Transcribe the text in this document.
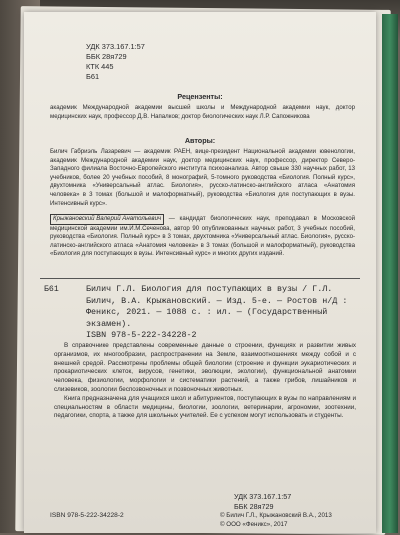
УДК 373.167.1:57
ББК 28я729
КТК 445
Б61
Рецензенты:
академик Международной академии высшей школы и Международной академии наук, доктор медицинских наук, профессор Д.В. Напалков; доктор биологических наук Л.Р. Сапожникова
Авторы:
Билич Габриэль Лазаревич — академик РАЕН, вице-президент Национальной академии ювенологии, академик Международной академии наук, доктор медицинских наук, профессор, директор Северо-Западного филиала Восточно-Европейского института психоанализа. Автор свыше 330 научных работ, 13 учебников, более 20 учебных пособий, 8 монографий, 5-томного руководства «Биология. Полный курс», двухтомника «Универсальный атлас. Биология», русско-латинско-английского атласа «Анатомия человека» в 3 томах (большой и малоформатный), руководства «Биология для поступающих в вузы. Интенсивный курс».
Крыжановский Валерий Анатольевич — кандидат биологических наук, преподавал в Московской медицинской академии им.И.М.Сеченова, автор 90 опубликованных научных работ, 3 учебных пособий, руководства «Биология. Полный курс» в 3 томах, двухтомника «Универсальный атлас. Биология», русско-латинско-английского атласа «Анатомия человека» в 3 томах (большой и малоформатный), руководства «Биология для поступающих в вузы. Интенсивный курс» и многих других изданий.
Б61	Билич Г.Л. Биология для поступающих в вузы / Г.Л. Билич, В.А. Крыжановский. — Изд. 5-е. — Ростов н/Д : Феникс, 2021. — 1088 с. : ил. — (Государственный экзамен).
ISBN 978-5-222-34228-2

В справочнике представлены современные данные о строении, функциях и развитии живых организмов, их многообразии, распространении на Земле, взаимоотношениях между собой и с внешней средой. Рассмотрены проблемы общей биологии (строение и функции эукариотических и прокариотических клеток, вирусов, генетики, эволюции, экологии), функциональной анатомии человека, физиологии, морфологии и систематики растений, а также грибов, лишайников и слизевиков, зоологии беспозвоночных и позвоночных животных.

Книга предназначена для учащихся школ и абитуриентов, поступающих в вузы по направлениям и специальностям в области медицины, биологии, зоологии, ветеринарии, агрономии, зоотехнии, педагогики, спорта, а также для школьных учителей. Ее с успехом могут использовать и студенты.

УДК 373.167.1:57
ББК 28я729
ISBN 978-5-222-34228-2	© Билич Г.Л., Крыжановский В.А., 2013
© ООО «Феникс», 2017
